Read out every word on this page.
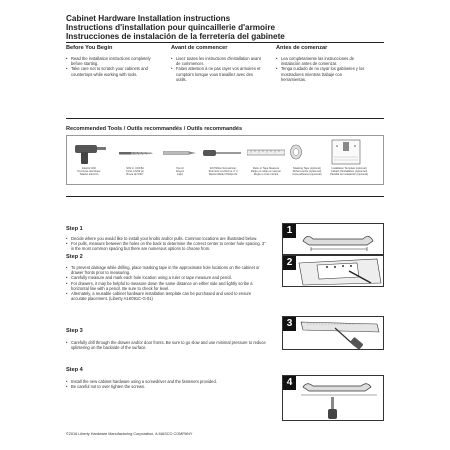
Cabinet Hardware Installation instructions
Instructions d'installation pour quincaillerie d'armoire
Instrucciones de instalación de la ferretería del gabinete
Before You Begin
• Read the installation instructions completely before starting.
• Take care not to scratch your cabinets and countertops while working with tools.
Avant de commencer
• Lisez toutes les instructions d'installation avant de commencer.
• Faites attention à ne pas rayer vos armoires et comptoirs lorsque vous travaillez avec des outils.
Antes de comenzar
• Lea completamente las instrucciones de instalación antes de comenzar.
• Tenga cuidado de no rayar los gabinetes y los mostradores mientras trabaje con herramientas.
Recommended Tools / Outils recommandés / Outils recommandés
Electric Drill
Perceuse électrique
Taladro eléctrico
5/32 in. Drill Bit
Foret à 5/32 po
Broca de 5/32"
Pencil
Crayon
Lápiz
#2 Phillips Screwdriver
Tournevis cruciforme n° 2
Destornillador Phillips #2
Ruler or Tape Measure
Règle ou ruban à mesurer
Regla o cinta métrica
Masking Tape (optional)
Ruban-cache (optionnel)
Cinta adhesiva (opcional)
Installation Template (optional)
Gabarit d'installation (optionnel)
Plantilla de instalación (opcional)
Step 1
• Decide where you would like to install your knobs and/or pulls. Common locations are illustrated below.
• For pulls, measure between the holes on the back to determine the correct center to center hole spacing. 3" is the most common spacing but there are numerous options to choose from.
1
Step 2
• To prevent damage while drilling, place masking tape in the approximate hole locations on the cabinet or drawer fronts prior to measuring.
• Carefully measure and mark each hole location using a ruler or tape measure and pencil.
• For drawers, it may be helpful to measure down the same distance on either side and lightly scribe a horizontal line with a pencil. Be sure to check for level.
• Alternately, a reusable cabinet hardware installation template can be purchased and used to ensure accurate placement. (Liberty A1K091C-G-01)
2
Step 3
• Carefully drill through the drawer and/or door fronts. Be sure to go slow and use minimal pressure to reduce splintering on the backside of the surface.
3
Step 4
• Install the new cabinet hardware using a screwdriver and the fasteners provided.
• Be careful not to over tighten the screws.	4
©2016 Liberty Hardware Manufacturing Corporation, A MASCO COMPANY
